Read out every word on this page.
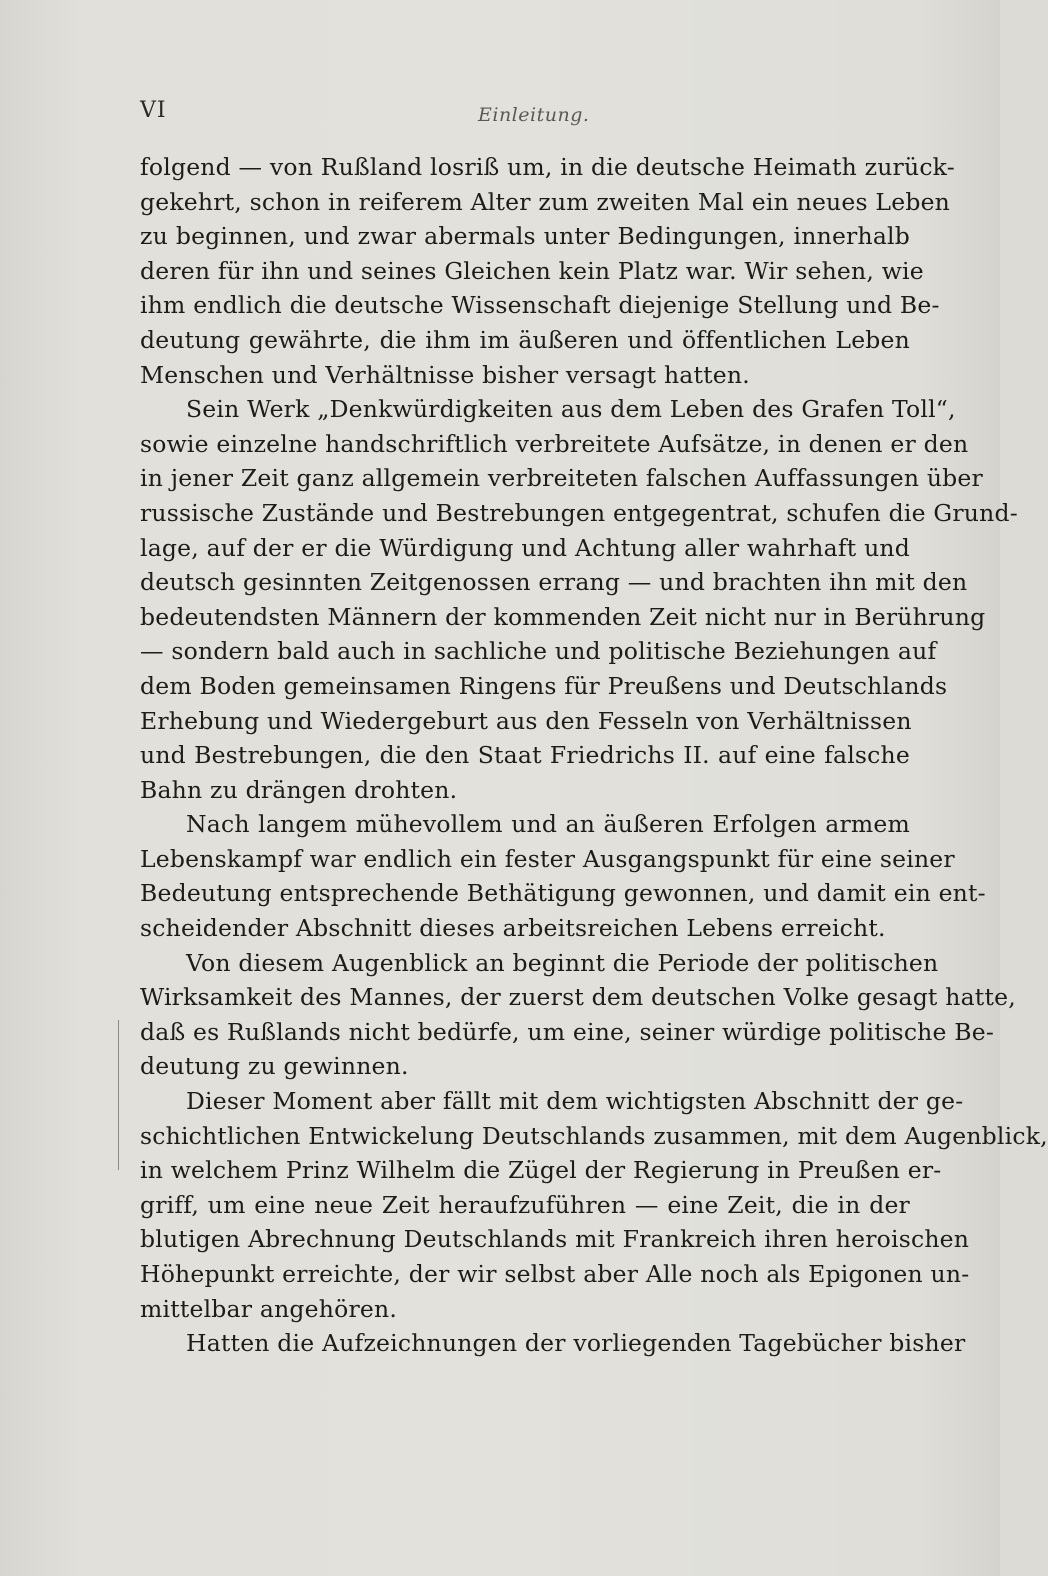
VI	Einleitung.
folgend — von Rußland losriß um, in die deutsche Heimath zurück-
gekehrt, schon in reiferem Alter zum zweiten Mal ein neues Leben
zu beginnen, und zwar abermals unter Bedingungen, innerhalb
deren für ihn und seines Gleichen kein Platz war. Wir sehen, wie
ihm endlich die deutsche Wissenschaft diejenige Stellung und Be-
deutung gewährte, die ihm im äußeren und öffentlichen Leben
Menschen und Verhältnisse bisher versagt hatten.
Sein Werk „Denkwürdigkeiten aus dem Leben des Grafen Toll“,
sowie einzelne handschriftlich verbreitete Aufsätze, in denen er den
in jener Zeit ganz allgemein verbreiteten falschen Auffassungen über
russische Zustände und Bestrebungen entgegentrat, schufen die Grund-
lage, auf der er die Würdigung und Achtung aller wahrhaft und
deutsch gesinnten Zeitgenossen errang — und brachten ihn mit den
bedeutendsten Männern der kommenden Zeit nicht nur in Berührung
— sondern bald auch in sachliche und politische Beziehungen auf
dem Boden gemeinsamen Ringens für Preußens und Deutschlands
Erhebung und Wiedergeburt aus den Fesseln von Verhältnissen
und Bestrebungen, die den Staat Friedrichs II. auf eine falsche
Bahn zu drängen drohten.
Nach langem mühevollem und an äußeren Erfolgen armem
Lebenskampf war endlich ein fester Ausgangspunkt für eine seiner
Bedeutung entsprechende Bethätigung gewonnen, und damit ein ent-
scheidender Abschnitt dieses arbeitsreichen Lebens erreicht.
Von diesem Augenblick an beginnt die Periode der politischen
Wirksamkeit des Mannes, der zuerst dem deutschen Volke gesagt hatte,
daß es Rußlands nicht bedürfe, um eine, seiner würdige politische Be-
deutung zu gewinnen.
Dieser Moment aber fällt mit dem wichtigsten Abschnitt der ge-
schichtlichen Entwickelung Deutschlands zusammen, mit dem Augenblick,
in welchem Prinz Wilhelm die Zügel der Regierung in Preußen er-
griff, um eine neue Zeit heraufzuführen — eine Zeit, die in der
blutigen Abrechnung Deutschlands mit Frankreich ihren heroischen
Höhepunkt erreichte, der wir selbst aber Alle noch als Epigonen un-
mittelbar angehören.
Hatten die Aufzeichnungen der vorliegenden Tagebücher bisher
